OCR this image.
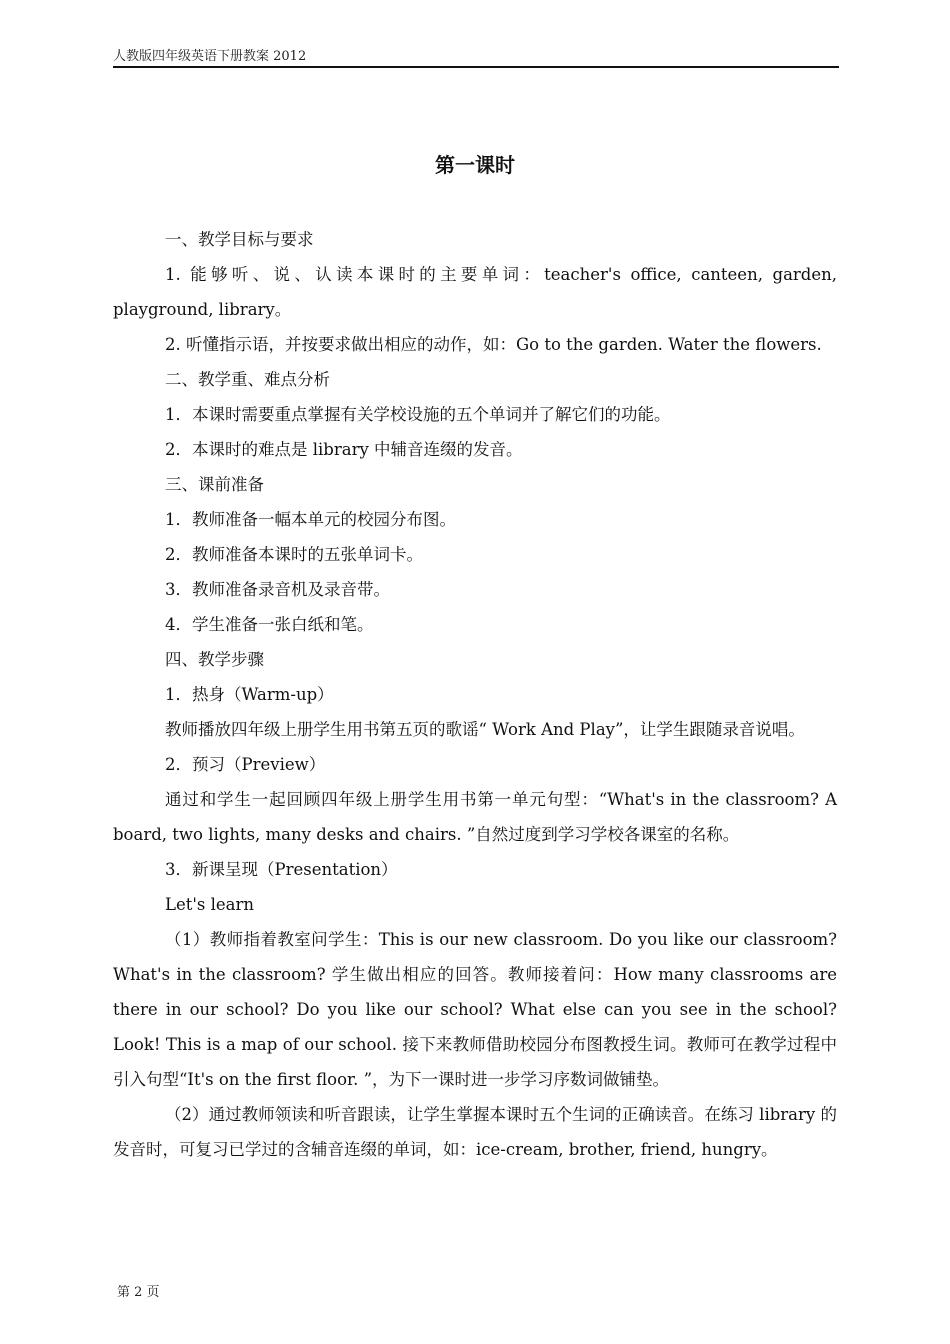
人教版四年级英语下册教案 2012
第一课时

一、教学目标与要求

1. 能够听、说、认读本课时的主要单词：teacher's office, canteen, garden, playground, library。

2. 听懂指示语，并按要求做出相应的动作，如：Go to the garden. Water the flowers.

二、教学重、难点分析

1．本课时需要重点掌握有关学校设施的五个单词并了解它们的功能。

2．本课时的难点是 library 中辅音连缀的发音。

三、课前准备

1．教师准备一幅本单元的校园分布图。

2．教师准备本课时的五张单词卡。

3．教师准备录音机及录音带。

4．学生准备一张白纸和笔。

四、教学步骤

1．热身（Warm-up）

教师播放四年级上册学生用书第五页的歌谣“ Work And Play”，让学生跟随录音说唱。

2．预习（Preview）

通过和学生一起回顾四年级上册学生用书第一单元句型：“What's in the classroom? A board, two lights, many desks and chairs. ”自然过度到学习学校各课室的名称。

3．新课呈现（Presentation）

Let's learn

（1）教师指着教室问学生：This is our new classroom. Do you like our classroom? What's in the classroom? 学生做出相应的回答。教师接着问：How many classrooms are there in our school? Do you like our school? What else can you see in the school? Look! This is a map of our school. 接下来教师借助校园分布图教授生词。教师可在教学过程中引入句型“It's on the first floor. ”，为下一课时进一步学习序数词做铺垫。

（2）通过教师领读和听音跟读，让学生掌握本课时五个生词的正确读音。在练习 library 的发音时，可复习已学过的含辅音连缀的单词，如：ice-cream, brother, friend, hungry。

第 2 页
